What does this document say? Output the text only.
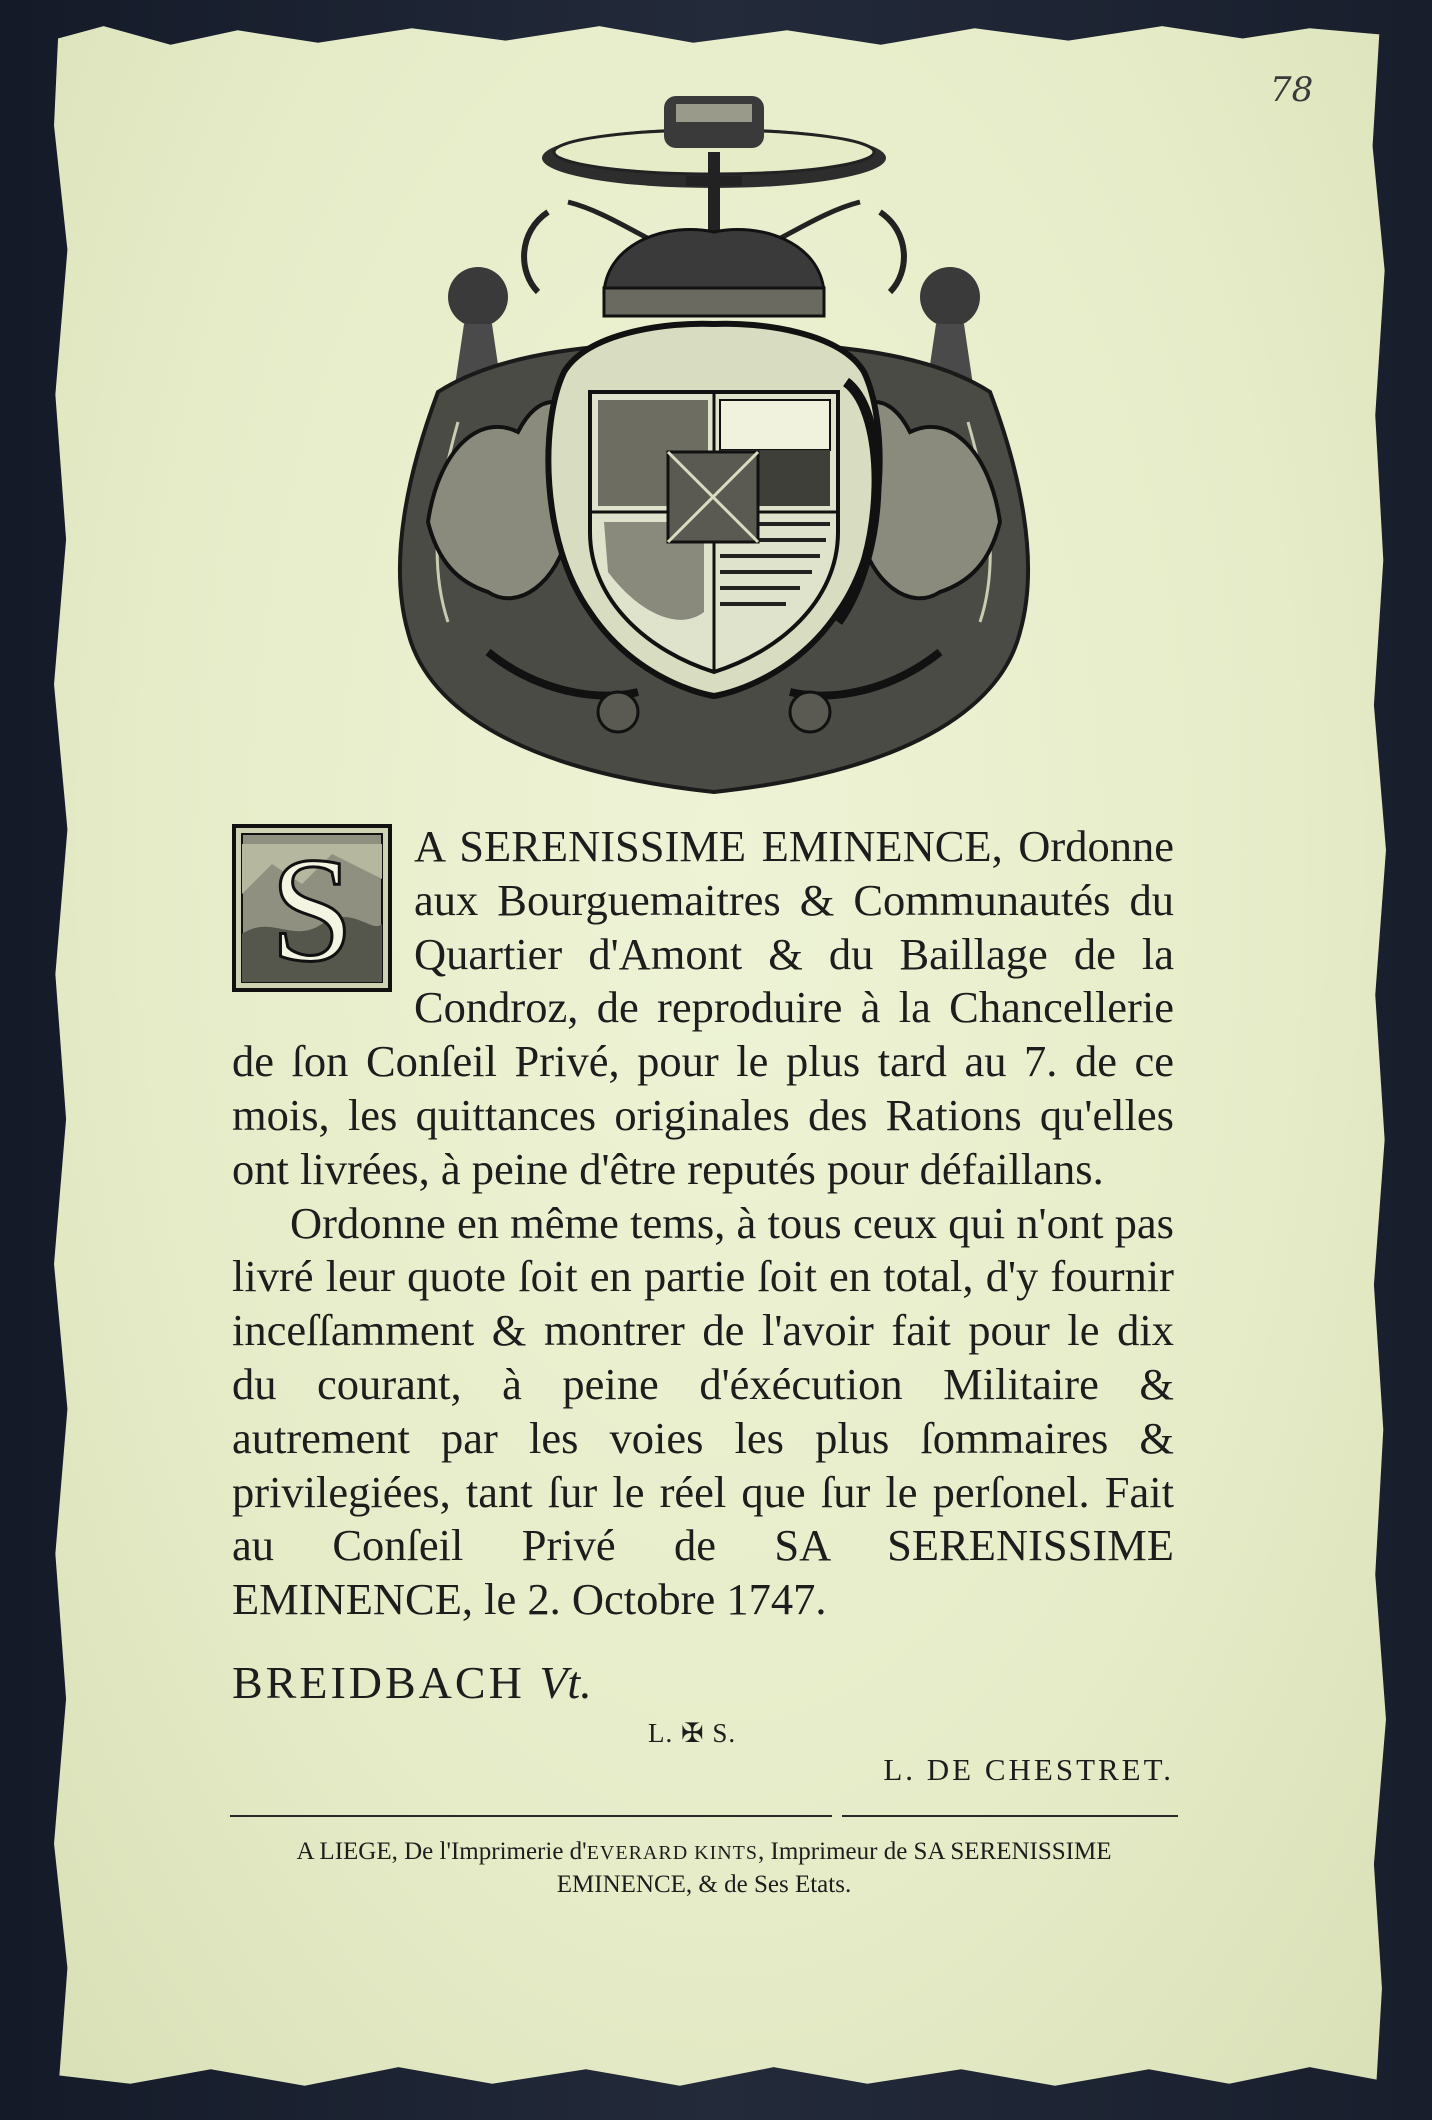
78
S	A SERENISSIME EMINENCE, Ordonne aux Bourguemaitres & Communautés du Quartier d'Amont & du Baillage de la Condroz, de reproduire à la Chancellerie de ſon Conſeil Privé, pour le plus tard au 7. de ce mois, les quittances originales des Rations qu'elles ont livrées, à peine d'être reputés pour défaillans.

Ordonne en même tems, à tous ceux qui n'ont pas livré leur quote ſoit en partie ſoit en total, d'y fournir inceſſamment & montrer de l'avoir fait pour le dix du courant, à peine d'éxécution Militaire & autrement par les voies les plus ſommaires & privilegiées, tant ſur le réel que ſur le perſonel. Fait au Conſeil Privé de SA SERENISSIME EMINENCE, le 2. Octobre 1747.

BREIDBACH Vt.
L. ✠ S.
L. DE CHESTRET.
A LIEGE, De l'Imprimerie d'EVERARD KINTS, Imprimeur de SA SERENISSIME
EMINENCE, & de Ses Etats.
